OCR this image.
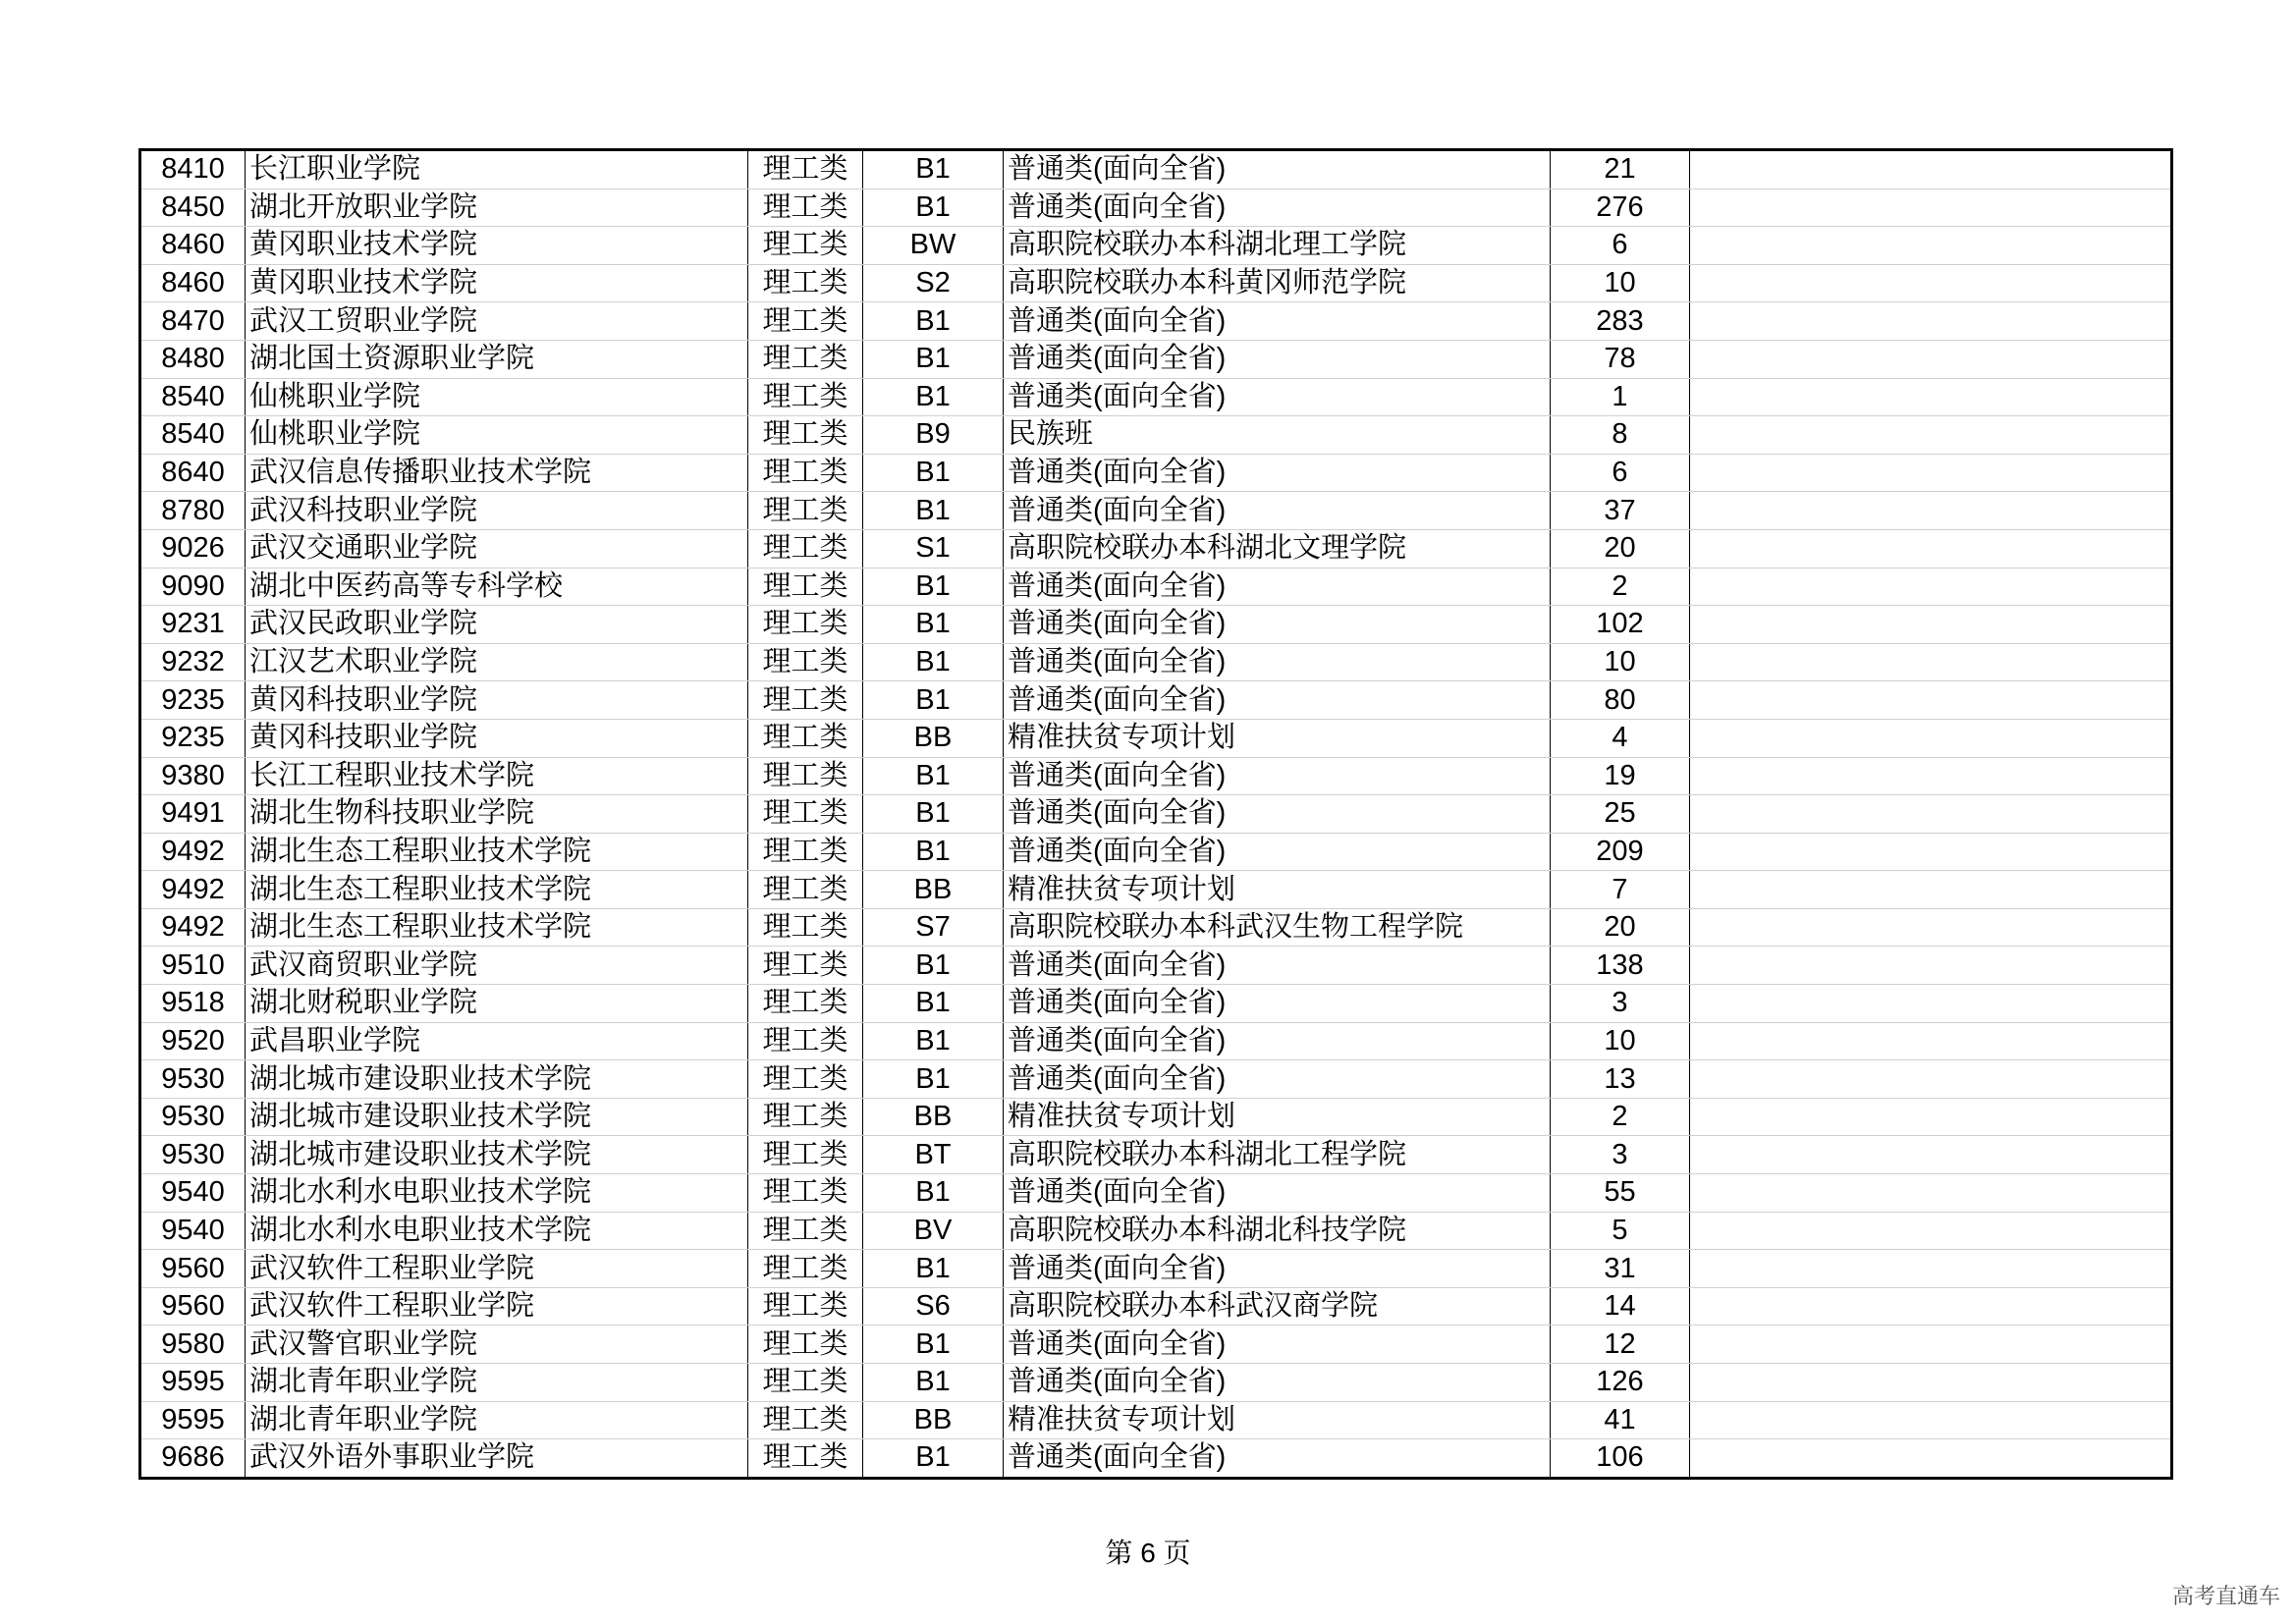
8410	长江职业学院	理工类	B1	普通类(面向全省)	21	
8450	湖北开放职业学院	理工类	B1	普通类(面向全省)	276	
8460	黄冈职业技术学院	理工类	BW	高职院校联办本科湖北理工学院	6	
8460	黄冈职业技术学院	理工类	S2	高职院校联办本科黄冈师范学院	10	
8470	武汉工贸职业学院	理工类	B1	普通类(面向全省)	283	
8480	湖北国土资源职业学院	理工类	B1	普通类(面向全省)	78	
8540	仙桃职业学院	理工类	B1	普通类(面向全省)	1	
8540	仙桃职业学院	理工类	B9	民族班	8	
8640	武汉信息传播职业技术学院	理工类	B1	普通类(面向全省)	6	
8780	武汉科技职业学院	理工类	B1	普通类(面向全省)	37	
9026	武汉交通职业学院	理工类	S1	高职院校联办本科湖北文理学院	20	
9090	湖北中医药高等专科学校	理工类	B1	普通类(面向全省)	2	
9231	武汉民政职业学院	理工类	B1	普通类(面向全省)	102	
9232	江汉艺术职业学院	理工类	B1	普通类(面向全省)	10	
9235	黄冈科技职业学院	理工类	B1	普通类(面向全省)	80	
9235	黄冈科技职业学院	理工类	BB	精准扶贫专项计划	4	
9380	长江工程职业技术学院	理工类	B1	普通类(面向全省)	19	
9491	湖北生物科技职业学院	理工类	B1	普通类(面向全省)	25	
9492	湖北生态工程职业技术学院	理工类	B1	普通类(面向全省)	209	
9492	湖北生态工程职业技术学院	理工类	BB	精准扶贫专项计划	7	
9492	湖北生态工程职业技术学院	理工类	S7	高职院校联办本科武汉生物工程学院	20	
9510	武汉商贸职业学院	理工类	B1	普通类(面向全省)	138	
9518	湖北财税职业学院	理工类	B1	普通类(面向全省)	3	
9520	武昌职业学院	理工类	B1	普通类(面向全省)	10	
9530	湖北城市建设职业技术学院	理工类	B1	普通类(面向全省)	13	
9530	湖北城市建设职业技术学院	理工类	BB	精准扶贫专项计划	2	
9530	湖北城市建设职业技术学院	理工类	BT	高职院校联办本科湖北工程学院	3	
9540	湖北水利水电职业技术学院	理工类	B1	普通类(面向全省)	55	
9540	湖北水利水电职业技术学院	理工类	BV	高职院校联办本科湖北科技学院	5	
9560	武汉软件工程职业学院	理工类	B1	普通类(面向全省)	31	
9560	武汉软件工程职业学院	理工类	S6	高职院校联办本科武汉商学院	14	
9580	武汉警官职业学院	理工类	B1	普通类(面向全省)	12	
9595	湖北青年职业学院	理工类	B1	普通类(面向全省)	126	
9595	湖北青年职业学院	理工类	BB	精准扶贫专项计划	41	
9686	武汉外语外事职业学院	理工类	B1	普通类(面向全省)	106	
第 6 页
高考直通车
